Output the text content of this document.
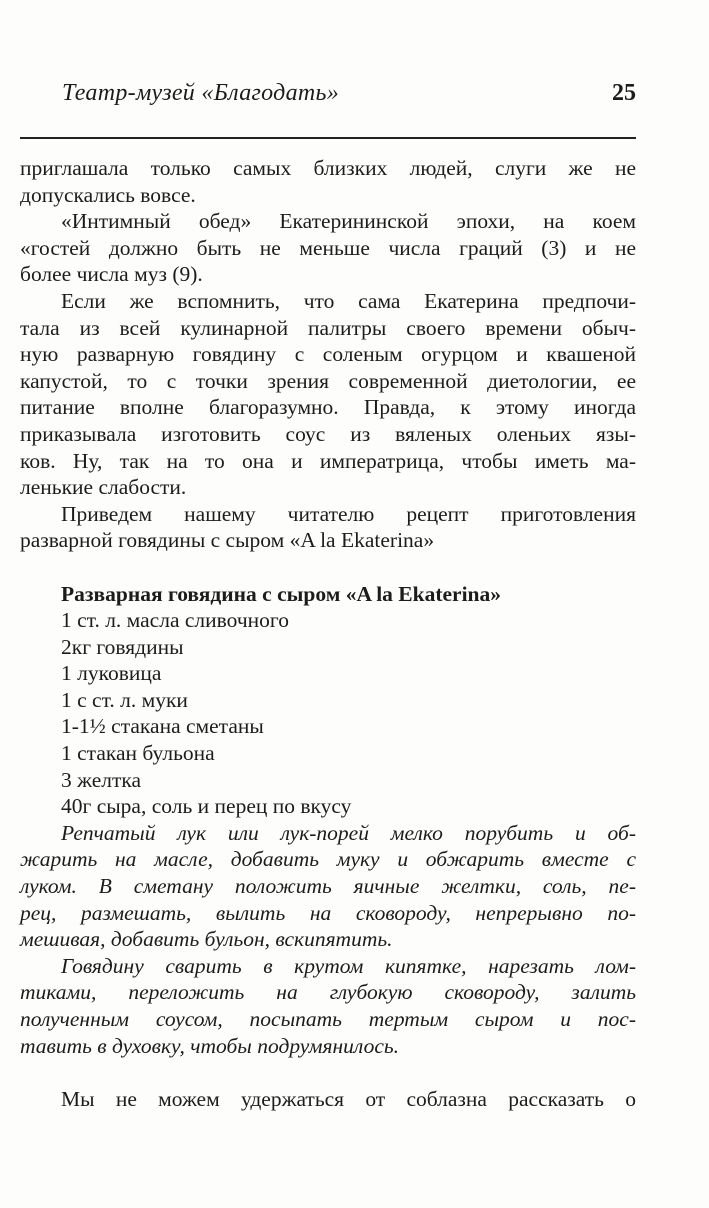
Театр-музей «Благодать»	25
приглашала только самых близких людей, слуги же не
допускались вовсе.
«Интимный обед» Екатерининской эпохи, на коем
«гостей должно быть не меньше числа граций (3) и не
более числа муз (9).
Если же вспомнить, что сама Екатерина предпочи-
тала из всей кулинарной палитры своего времени обыч-
ную разварную говядину с соленым огурцом и квашеной
капустой, то с точки зрения современной диетологии, ее
питание вполне благоразумно. Правда, к этому иногда
приказывала изготовить соус из вяленых оленьих язы-
ков. Ну, так на то она и императрица, чтобы иметь ма-
ленькие слабости.
Приведем нашему читателю рецепт приготовления
разварной говядины с сыром «A la Ekaterina»
Разварная говядина с сыром «A la Ekaterina»
1 ст. л. масла сливочного
2кг говядины
1 луковица
1 с ст. л. муки
1-1½ стакана сметаны
1 стакан бульона
3 желтка
40г сыра, соль и перец по вкусу
Репчатый лук или лук-порей мелко порубить и об-
жарить на масле, добавить муку и обжарить вместе с
луком. В сметану положить яичные желтки, соль, пе-
рец, размешать, вылить на сковороду, непрерывно по-
мешивая, добавить бульон, вскипятить.
Говядину сварить в крутом кипятке, нарезать лом-
тиками, переложить на глубокую сковороду, залить
полученным соусом, посыпать тертым сыром и пос-
тавить в духовку, чтобы подрумянилось.
Мы не можем удержаться от соблазна рассказать о
